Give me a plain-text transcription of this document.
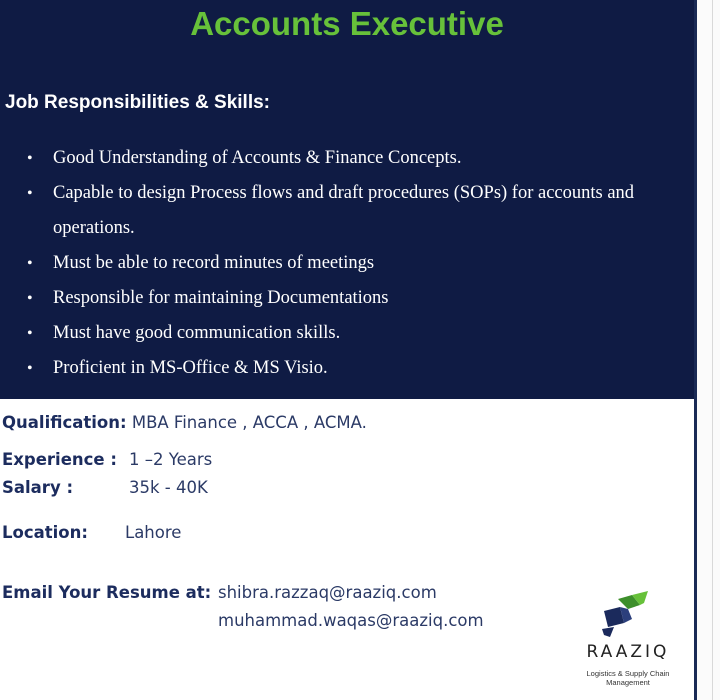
Accounts Executive
Job Responsibilities & Skills:
•	Good Understanding of Accounts & Finance Concepts.
•	Capable to design Process flows and draft procedures (SOPs) for accounts and operations.
•	Must be able to record minutes of meetings
•	Responsible for maintaining Documentations
•	Must have good communication skills.
•	Proficient in MS-Office & MS Visio.
Qualification: MBA Finance , ACCA , ACMA.
Experience : 1 –2 Years
Salary :	35k - 40K
Location: Lahore
Email Your Resume at: shibra.razzaq@raaziq.com
muhammad.waqas@raaziq.com
RAAZIQ
Logistics & Supply Chain Management
